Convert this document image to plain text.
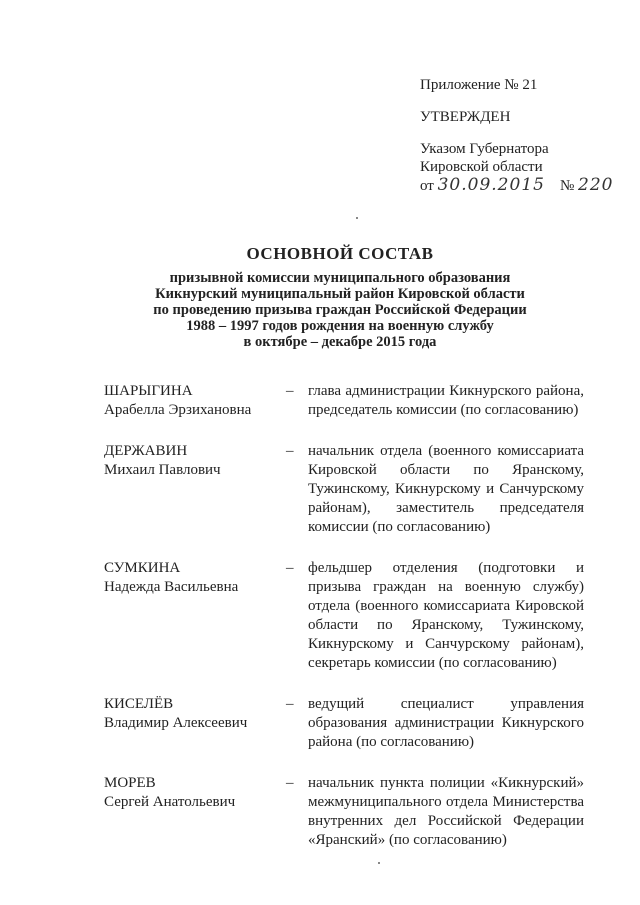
Приложение № 21
УТВЕРЖДЕН
Указом Губернатора
Кировской области
от 30.09.2015 № 220
ОСНОВНОЙ СОСТАВ
призывной комиссии муниципального образования
Кикнурский муниципальный район Кировской области
по проведению призыва граждан Российской Федерации
1988 – 1997 годов рождения на военную службу
в октябре – декабре 2015 года
ШАРЫГИНА
Арабелла Эрзихановна
– глава администрации Кикнурского района, председатель комиссии (по согласованию)
ДЕРЖАВИН
Михаил Павлович
– начальник отдела (военного комиссариата Кировской области по Яранскому, Тужинскому, Кикнурскому и Санчурскому районам), заместитель председателя комиссии (по согласованию)
СУМКИНА
Надежда Васильевна
– фельдшер отделения (подготовки и призыва граждан на военную службу) отдела (военного комиссариата Кировской области по Яранскому, Тужинскому, Кикнурскому и Санчурскому районам), секретарь комиссии (по согласованию)
КИСЕЛЁВ
Владимир Алексеевич
– ведущий специалист управления образования администрации Кикнурского района (по согласованию)
МОРЕВ
Сергей Анатольевич
– начальник пункта полиции «Кикнурский» межмуниципального отдела Министерства внутренних дел Российской Федерации «Яранский» (по согласованию)
